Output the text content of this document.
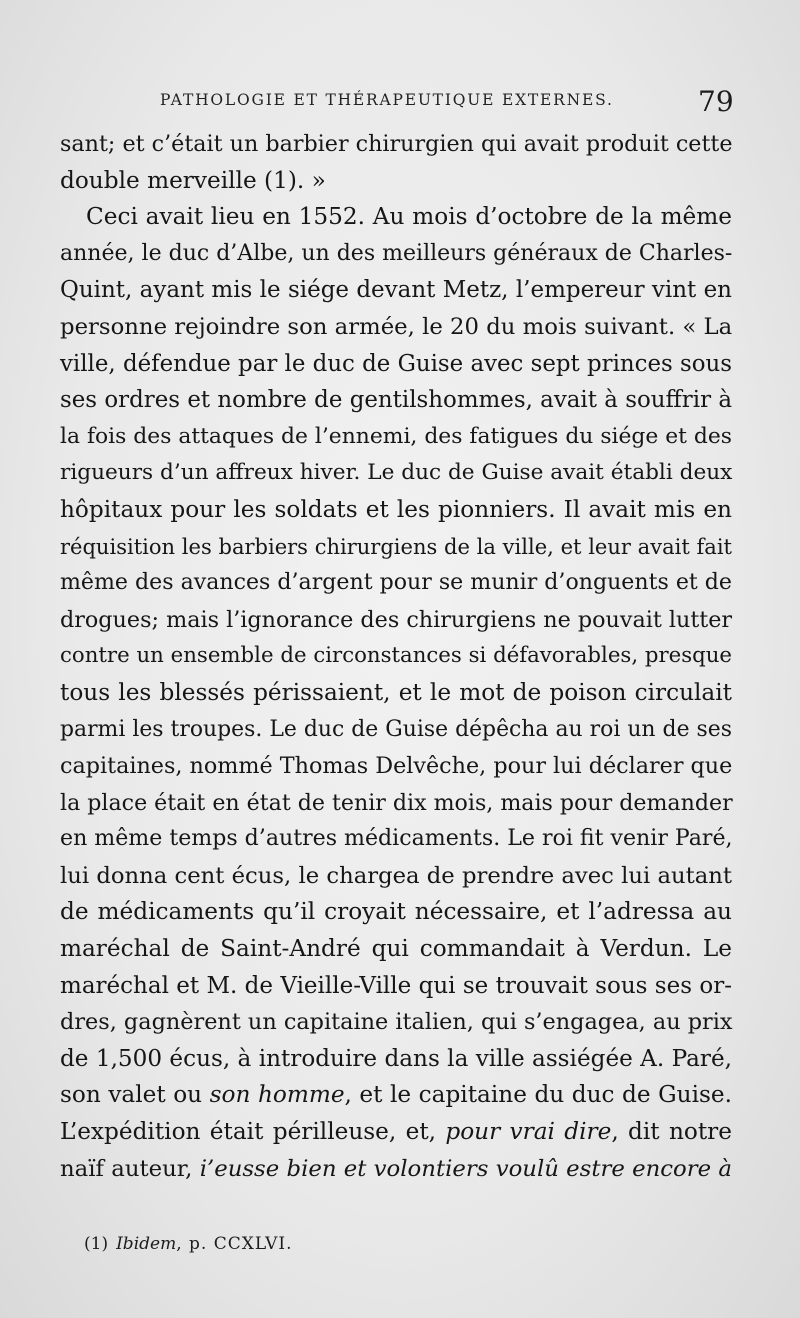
PATHOLOGIE ET THÉRAPEUTIQUE EXTERNES.	79
sant; et c’était un barbier chirurgien qui avait produit cette
double merveille (1). »
Ceci avait lieu en 1552. Au mois d’octobre de la même
année, le duc d’Albe, un des meilleurs généraux de Charles-
Quint, ayant mis le siége devant Metz, l’empereur vint en
personne rejoindre son armée, le 20 du mois suivant. « La
ville, défendue par le duc de Guise avec sept princes sous
ses ordres et nombre de gentilshommes, avait à souffrir à
la fois des attaques de l’ennemi, des fatigues du siége et des
rigueurs d’un affreux hiver. Le duc de Guise avait établi deux
hôpitaux pour les soldats et les pionniers. Il avait mis en
réquisition les barbiers chirurgiens de la ville, et leur avait fait
même des avances d’argent pour se munir d’onguents et de
drogues; mais l’ignorance des chirurgiens ne pouvait lutter
contre un ensemble de circonstances si défavorables, presque
tous les blessés périssaient, et le mot de poison circulait
parmi les troupes. Le duc de Guise dépêcha au roi un de ses
capitaines, nommé Thomas Delvêche, pour lui déclarer que
la place était en état de tenir dix mois, mais pour demander
en même temps d’autres médicaments. Le roi fit venir Paré,
lui donna cent écus, le chargea de prendre avec lui autant
de médicaments qu’il croyait nécessaire, et l’adressa au
maréchal de Saint-André qui commandait à Verdun. Le
maréchal et M. de Vieille-Ville qui se trouvait sous ses or-
dres, gagnèrent un capitaine italien, qui s’engagea, au prix
de 1,500 écus, à introduire dans la ville assiégée A. Paré,
son valet ou son homme, et le capitaine du duc de Guise.
L’expédition était périlleuse, et, pour vrai dire, dit notre
naïf auteur, i’eusse bien et volontiers voulû estre encore à
(1) Ibidem, p. CCXLVI.
